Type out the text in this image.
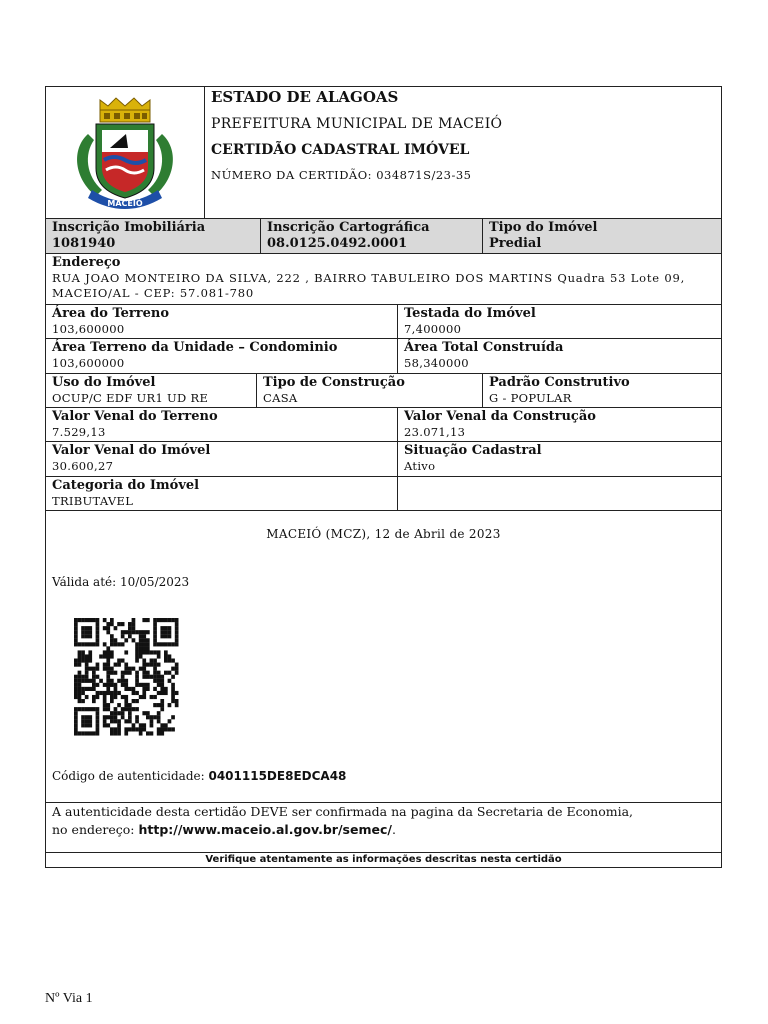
MACEIÓ
ESTADO DE ALAGOAS
PREFEITURA MUNICIPAL DE MACEIÓ
CERTIDÃO CADASTRAL IMÓVEL
NÚMERO DA CERTIDÃO: 034871S/23-35
Inscrição Imobiliária
1081940
Inscrição Cartográfica
08.0125.0492.0001
Tipo do Imóvel
Predial
Endereço
RUA JOAO MONTEIRO DA SILVA, 222 , BAIRRO TABULEIRO DOS MARTINS Quadra 53 Lote 09,
MACEIO/AL - CEP: 57.081-780
Área do Terreno
103,600000
Testada do Imóvel
7,400000
Área Terreno da Unidade – Condominio
103,600000
Área Total Construída
58,340000
Uso do Imóvel
OCUP/C EDF UR1 UD RE
Tipo de Construção
CASA
Padrão Construtivo
G - POPULAR
Valor Venal do Terreno
7.529,13
Valor Venal da Construção
23.071,13
Valor Venal do Imóvel
30.600,27
Situação Cadastral
Ativo
Categoria do Imóvel
TRIBUTAVEL
MACEIÓ (MCZ), 12 de Abril de 2023
Válida até: 10/05/2023
Código de autenticidade: 0401115DE8EDCA48
A autenticidade desta certidão DEVE ser confirmada na pagina da Secretaria de Economia,
no endereço: http://www.maceio.al.gov.br/semec/.
Verifique atentamente as informações descritas nesta certidão
Nº Via 1
